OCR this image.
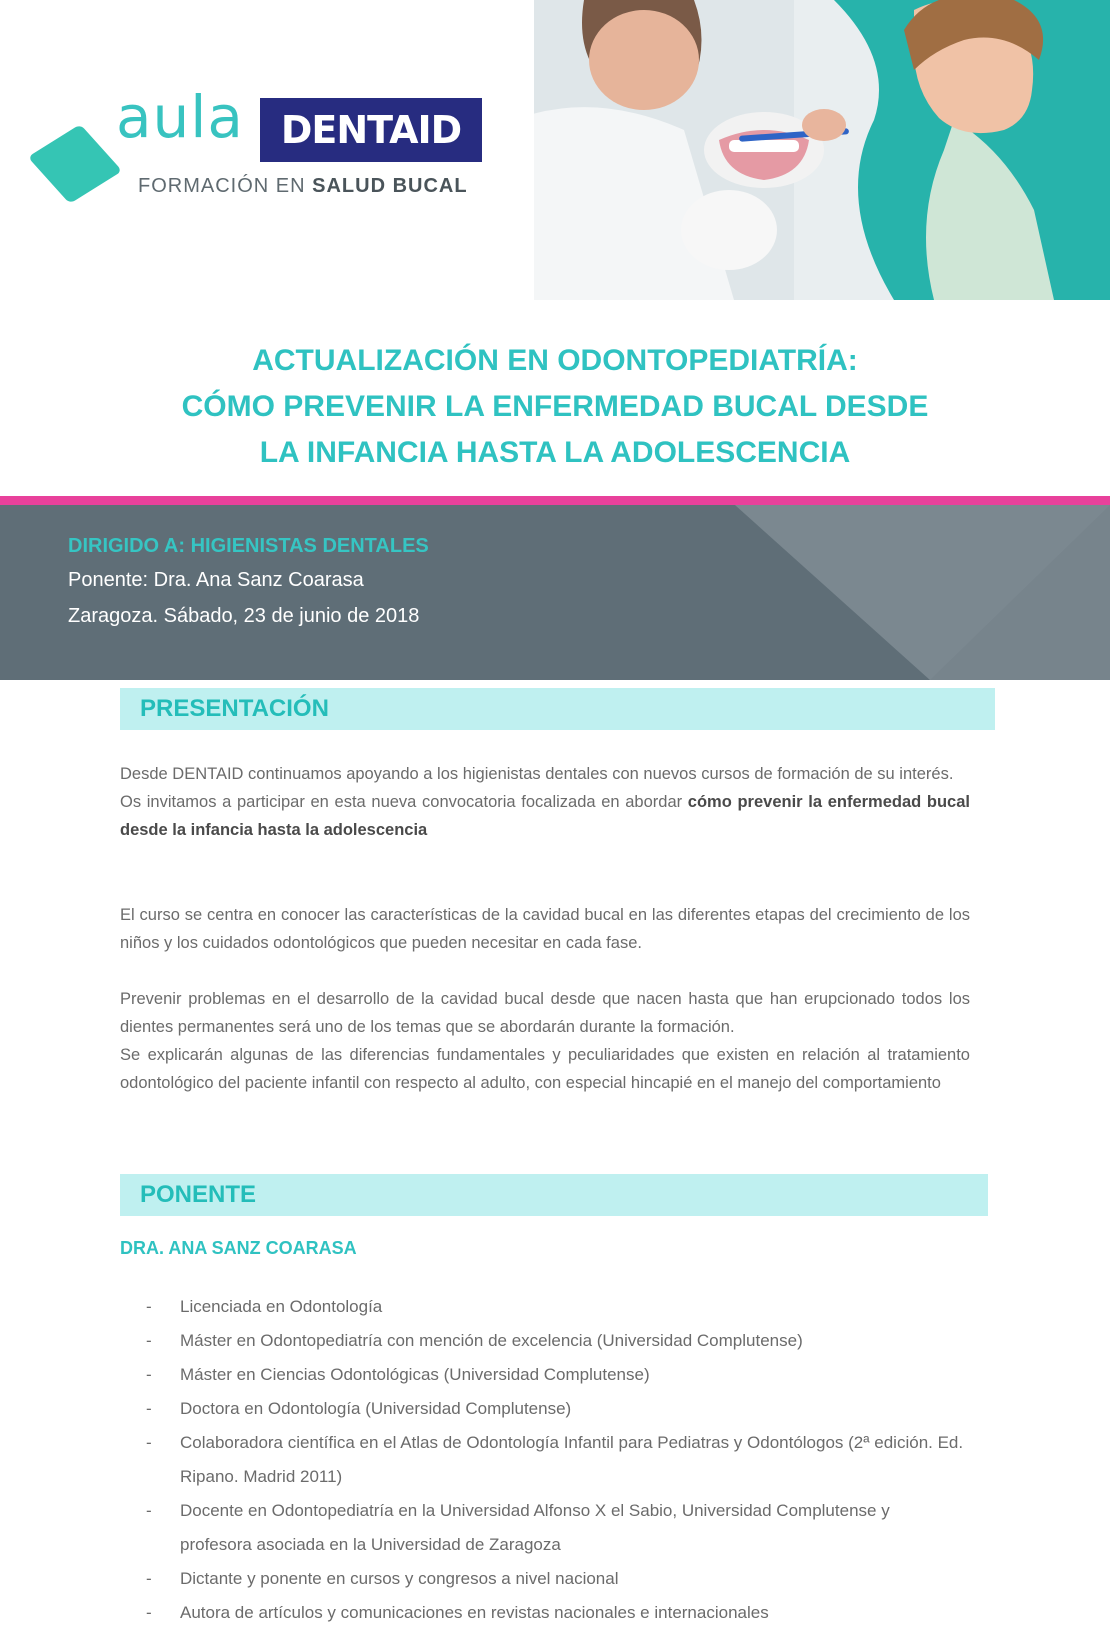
aula DENTAID
FORMACIÓN EN SALUD BUCAL
ACTUALIZACIÓN EN ODONTOPEDIATRÍA:
CÓMO PREVENIR LA ENFERMEDAD BUCAL DESDE
LA INFANCIA HASTA LA ADOLESCENCIA
DIRIGIDO A: HIGIENISTAS DENTALES
Ponente: Dra. Ana Sanz Coarasa
Zaragoza. Sábado, 23 de junio de 2018
PRESENTACIÓN

Desde DENTAID continuamos apoyando a los higienistas dentales con nuevos cursos de formación de su interés.

Os invitamos a participar en esta nueva convocatoria focalizada en abordar cómo prevenir la enfermedad bucal desde la infancia hasta la adolescencia

El curso se centra en conocer las características de la cavidad bucal en las diferentes etapas del crecimiento de los niños y los cuidados odontológicos que pueden necesitar en cada fase.

Prevenir problemas en el desarrollo de la cavidad bucal desde que nacen hasta que han erupcionado todos los dientes permanentes será uno de los temas que se abordarán durante la formación.

Se explicarán algunas de las diferencias fundamentales y peculiaridades que existen en relación al tratamiento odontológico del paciente infantil con respecto al adulto, con especial hincapié en el manejo del comportamiento

PONENTE
DRA. ANA SANZ COARASA
- Licenciada en Odontología
- Máster en Odontopediatría con mención de excelencia (Universidad Complutense)
- Máster en Ciencias Odontológicas (Universidad Complutense)
- Doctora en Odontología (Universidad Complutense)
- Colaboradora científica en el Atlas de Odontología Infantil para Pediatras y Odontólogos (2ª edición. Ed. Ripano. Madrid 2011)
- Docente en Odontopediatría en la Universidad Alfonso X el Sabio, Universidad Complutense y profesora asociada en la Universidad de Zaragoza
- Dictante y ponente en cursos y congresos a nivel nacional
- Autora de artículos y comunicaciones en revistas nacionales e internacionales
